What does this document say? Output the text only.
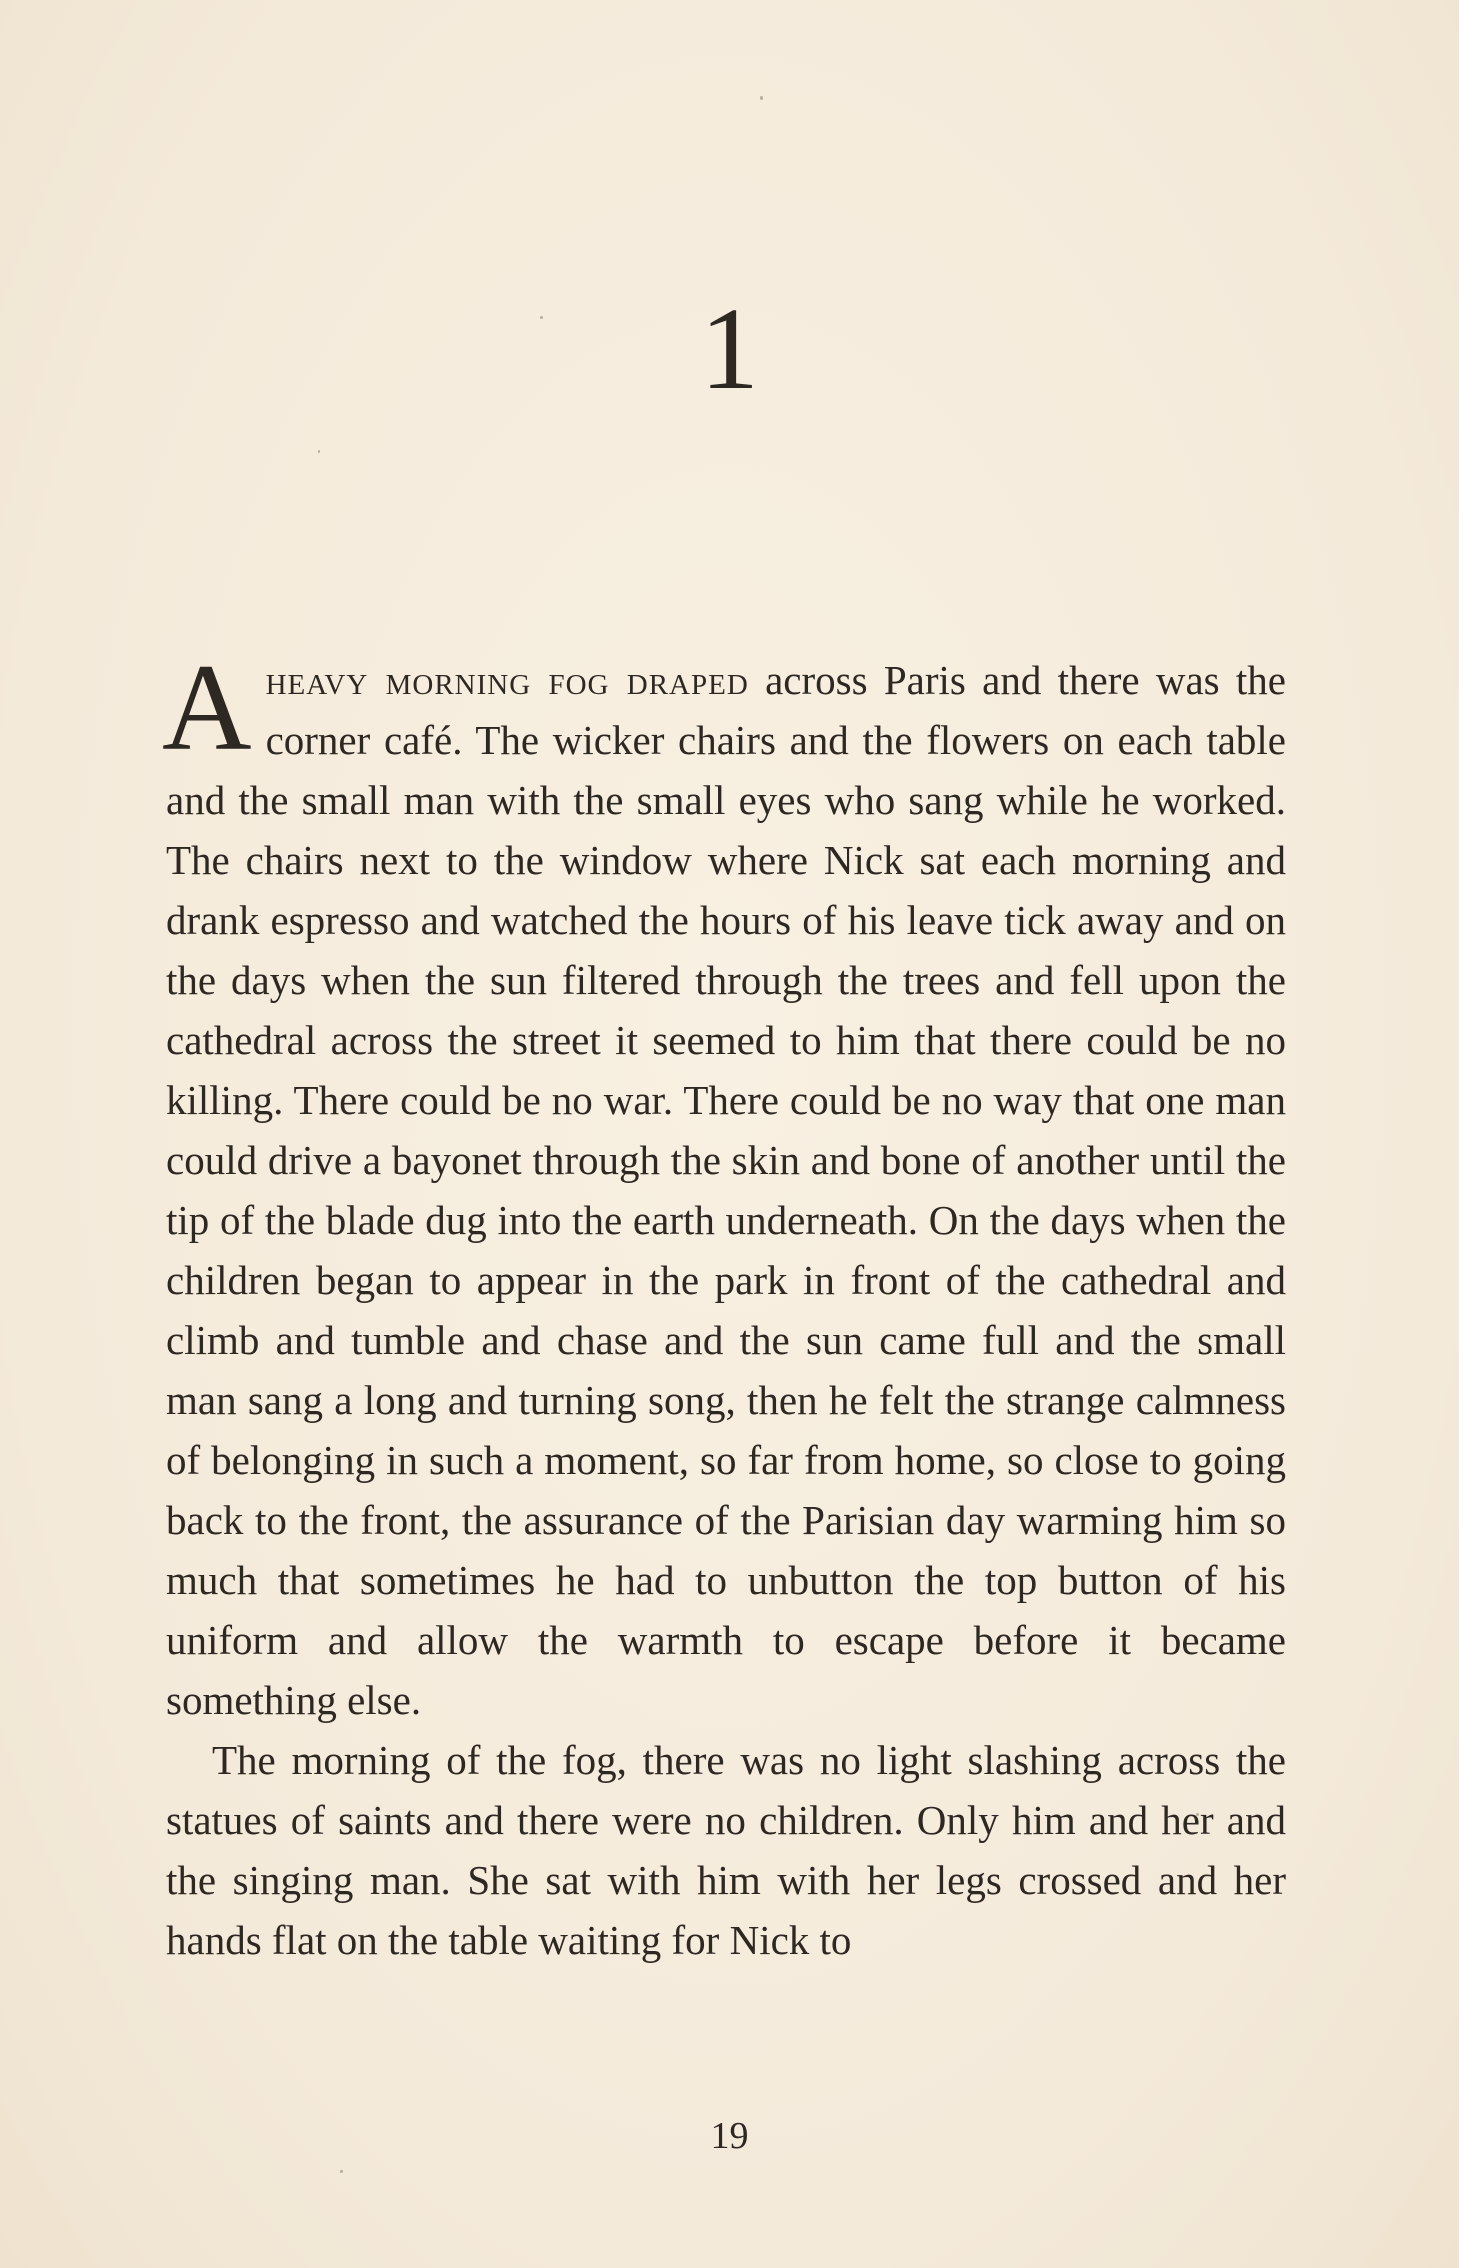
1

Aheavy morning fog draped across Paris and there was the corner café. The wicker chairs and the flowers on each table and the small man with the small eyes who sang while he worked. The chairs next to the window where Nick sat each morning and drank espresso and watched the hours of his leave tick away and on the days when the sun filtered through the trees and fell upon the cathedral across the street it seemed to him that there could be no killing. There could be no war. There could be no way that one man could drive a bayonet through the skin and bone of another until the tip of the blade dug into the earth underneath. On the days when the children began to appear in the park in front of the cathedral and climb and tumble and chase and the sun came full and the small man sang a long and turning song, then he felt the strange calmness of belonging in such a moment, so far from home, so close to going back to the front, the assurance of the Parisian day warming him so much that sometimes he had to unbutton the top button of his uniform and allow the warmth to escape before it became something else.

The morning of the fog, there was no light slashing across the statues of saints and there were no children. Only him and her and the singing man. She sat with him with her legs crossed and her hands flat on the table waiting for Nick to

19
